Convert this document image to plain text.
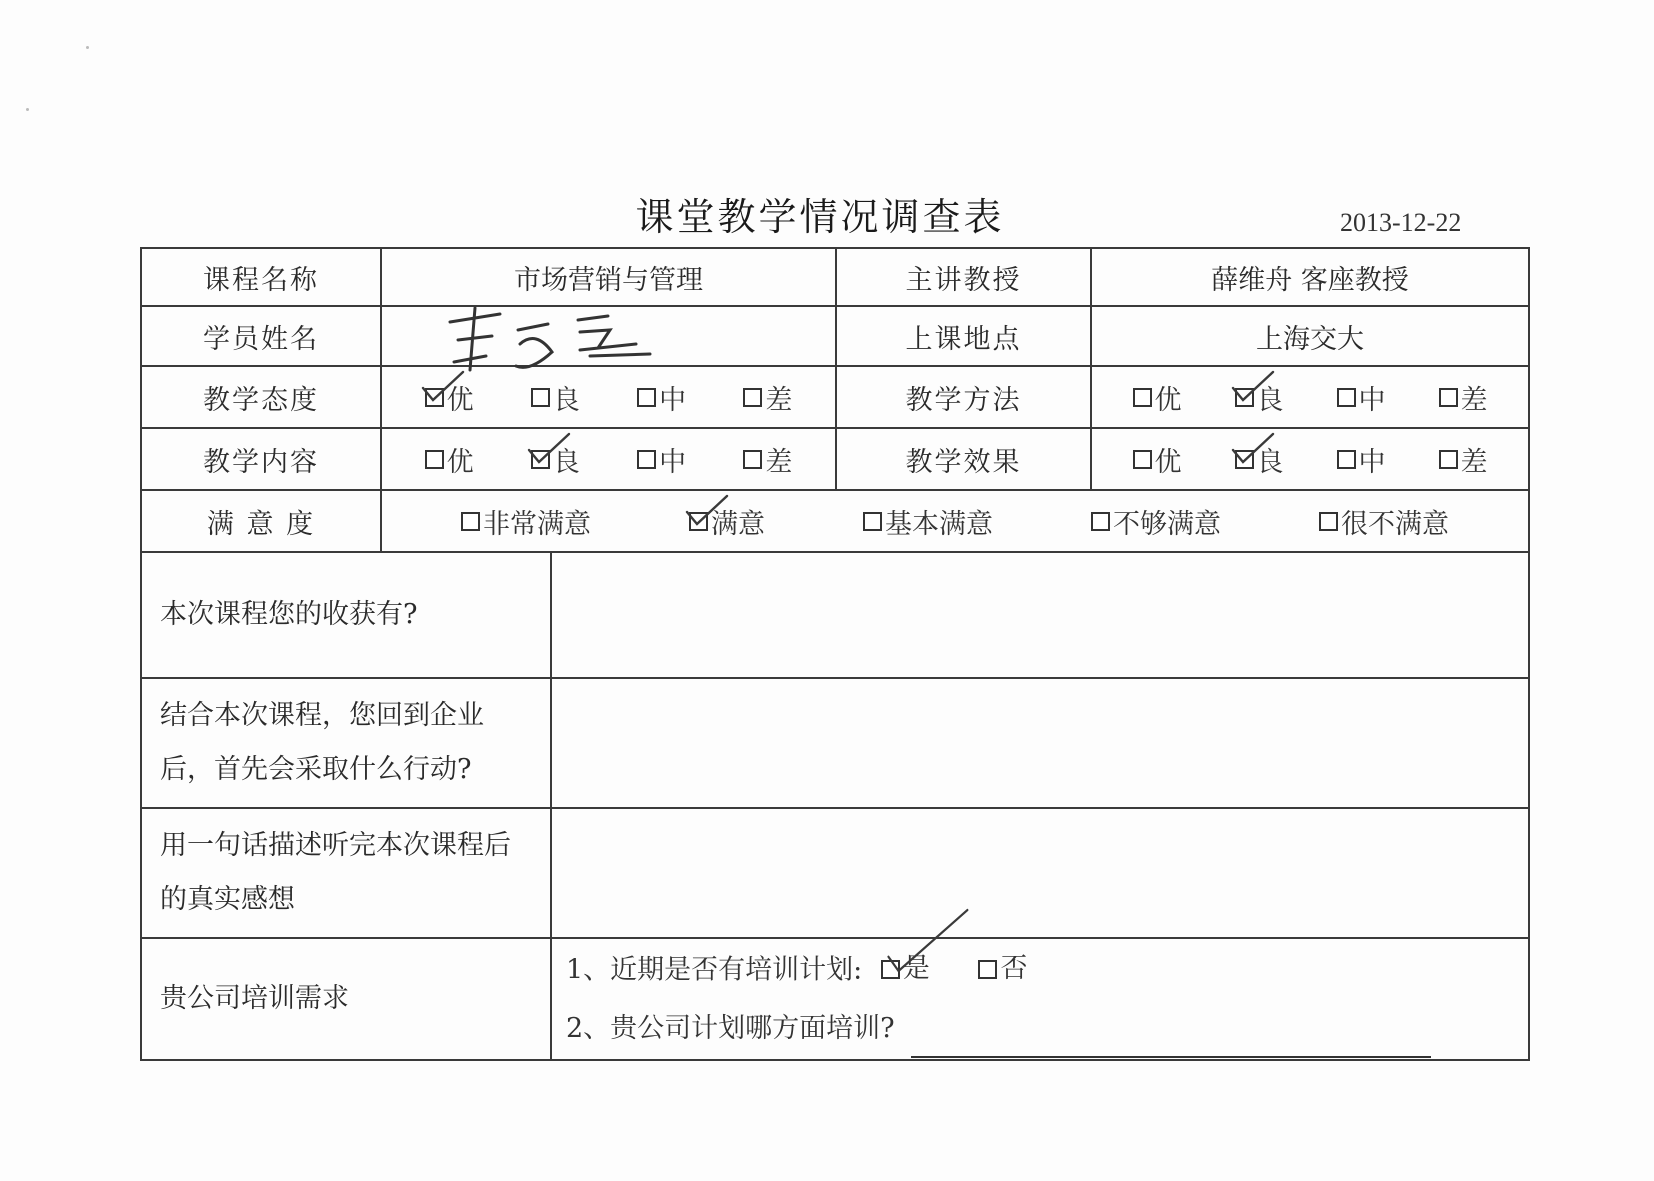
课堂教学情况调查表	2013-12-22
课程名称	市场营销与管理		主讲教授	薛维舟 客座教授
学员姓名			上课地点	上海交大
教学态度	优 良 中 差		教学方法	优 良 中 差

教学内容	优 良 中 差		教学效果	优 良 中 差

满 意 度	非常满意 满意 基本满意 不够满意 很不满意			

本次课程您的收获有?				
结合本次课程，您回到企业后，首先会采取什么行动?				
用一句话描述听完本次课程后的真实感想				
贵公司培训需求		1、近期是否有培训计划: 是
否
2、贵公司计划哪方面培训?		
